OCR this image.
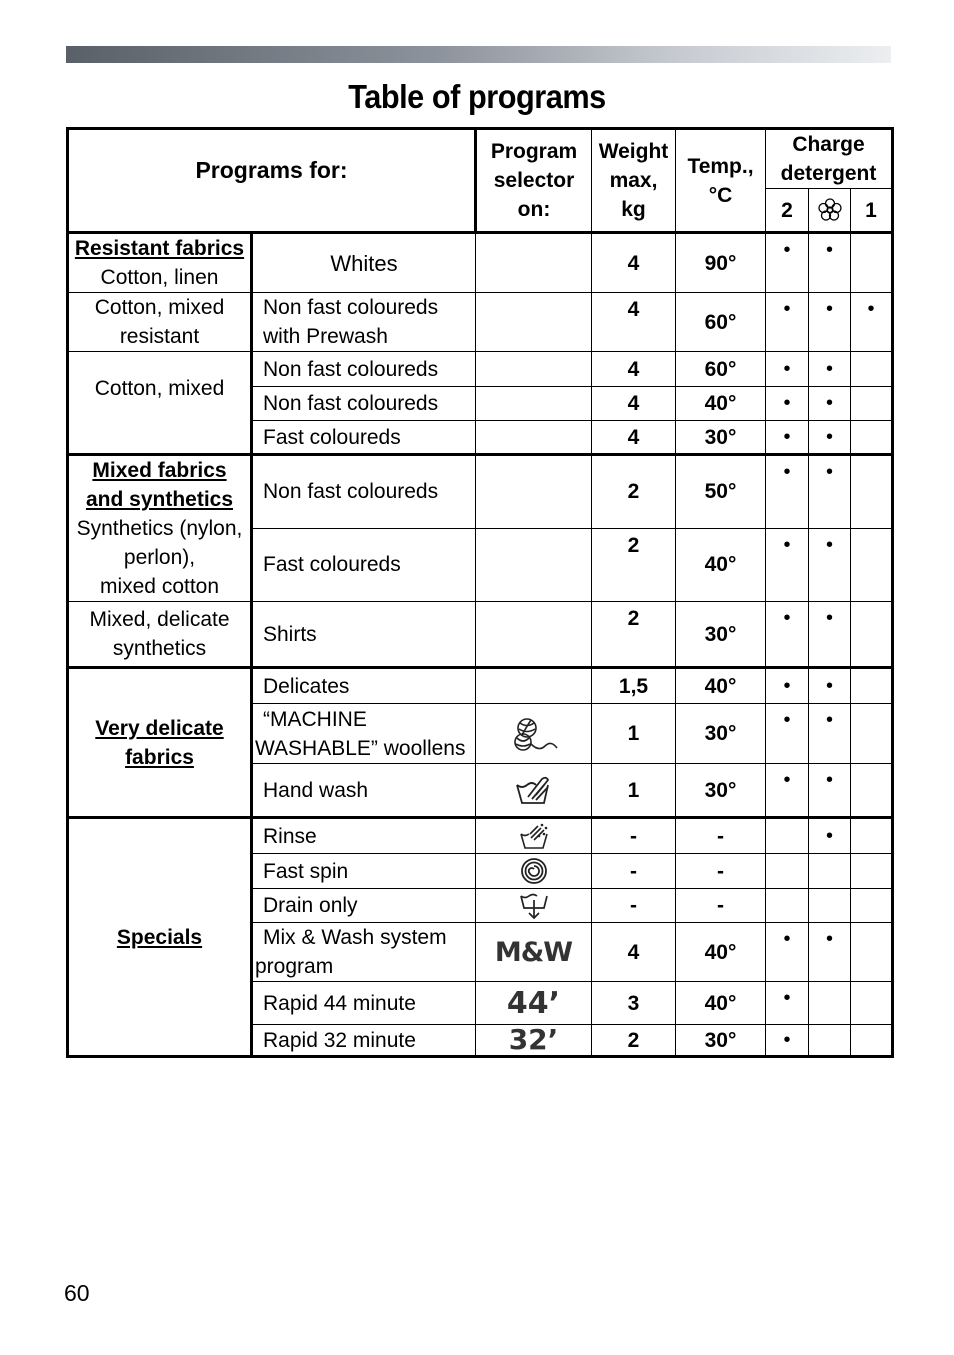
Table of programs
Programs for:		Program selector on:	Weight max, kg	Temp., °C	Charge detergent		
					2		1
Resistant fabrics
Cotton, linen	Whites		4	90°	•	•	
Cotton, mixed resistant	Non fast coloureds with Prewash		4	60°	•	•	•
Cotton, mixed	Non fast coloureds		4	60°	•	•	
	Non fast coloureds		4	40°	•	•	
	Fast coloureds		4	30°	•	•	
Mixed fabrics and synthetics
Synthetics (nylon, perlon),
mixed cotton	Non fast coloureds		2	50°	•	•	
	Fast coloureds		2	40°	•	•	
Mixed, delicate synthetics	Shirts		2	30°	•	•	
Very delicate fabrics	Delicates		1,5	40°	•	•	
	“MACHINE
WASHABLE” woollens		1	30°	•	•	
	Hand wash		1	30°	•	•	
Specials	Rinse		-	-		•	
	Fast spin		-	-			
	Drain only		-	-			
	Mix & Wash system
program	M&W	4	40°	•	•	
	Rapid 44 minute	44’	3	40°	•		
	Rapid 32 minute	32’	2	30°	•		
60
